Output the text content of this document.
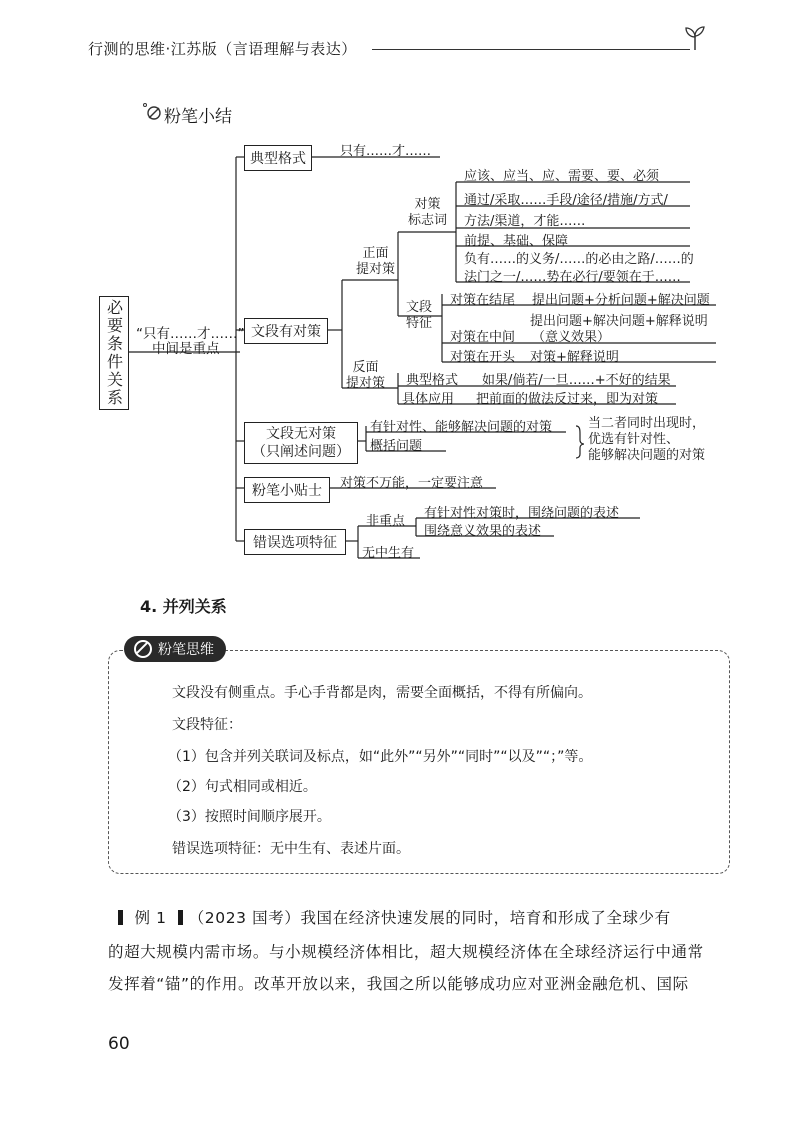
行测的思维·江苏版（言语理解与表达）
粉笔小结
必要条件关系 “只有……才……”
中间是重点
典型格式	只有……才……
文段有对策
正面
提对策
对策
标志词
应该、应当、应、需要、要、必须
通过/采取……手段/途径/措施/方式/
方法/渠道，才能……
前提、基础、保障
负有……的义务/……的必由之路/……的
法门之一/……势在必行/要领在于……
文段
特征
对策在结尾 提出问题+分析问题+解决问题
对策在中间
提出问题+解决问题+解释说明
（意义效果）
对策在开头 对策+解释说明
反面
提对策 典型格式 如果/倘若/一旦……+不好的结果
具体应用 把前面的做法反过来，即为对策
文段无对策
（只阐述问题）
有针对性、能够解决问题的对策
概括问题
当二者同时出现时，
优选有针对性、
能够解决问题的对策
粉笔小贴士 对策不万能，一定要注意
错误选项特征
非重点
有针对性对策时，围绕问题的表述
围绕意义效果的表述
无中生有
4. 并列关系
粉笔思维
文段没有侧重点。手心手背都是肉，需要全面概括，不得有所偏向。
文段特征：
（1）包含并列关联词及标点，如“此外”“另外”“同时”“以及”“；”等。
（2）句式相同或相近。
（3）按照时间顺序展开。
错误选项特征：无中生有、表述片面。
例 1 （2023 国考）我国在经济快速发展的同时，培育和形成了全球少有
的超大规模内需市场。与小规模经济体相比，超大规模经济体在全球经济运行中通常
发挥着“锚”的作用。改革开放以来，我国之所以能够成功应对亚洲金融危机、国际
60
